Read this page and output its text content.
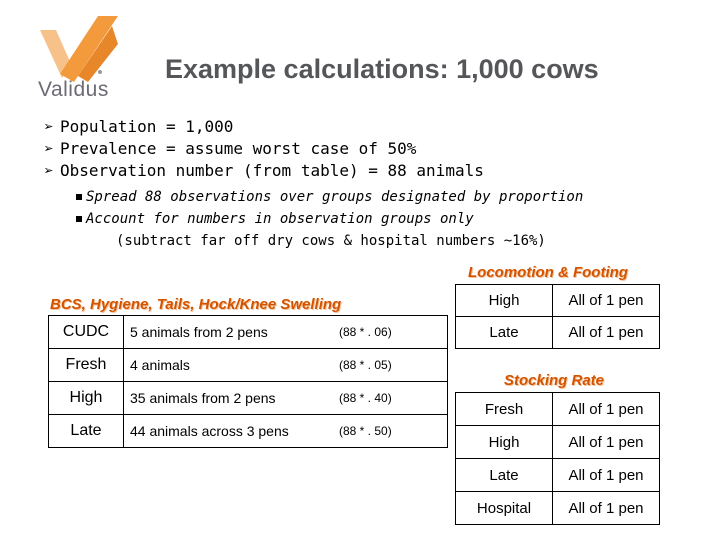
Validus
Example calculations: 1,000 cows
➢ Population = 1,000
➢ Prevalence = assume worst case of 50%
➢ Observation number (from table) = 88 animals
Spread 88 observations over groups designated by proportion
Account for numbers in observation groups only
(subtract far off dry cows & hospital numbers ~16%)
BCS, Hygiene, Tails, Hock/Knee Swelling
Locomotion & Footing
Stocking Rate
CUDC	5 animals from 2 pens	(88 * . 06)
Fresh	4 animals	(88 * . 05)
High	35 animals from 2 pens	(88 * . 40)
Late	44 animals across 3 pens	(88 * . 50)
High	All of 1 pen
Late	All of 1 pen
Fresh	All of 1 pen
High	All of 1 pen
Late	All of 1 pen
Hospital	All of 1 pen
